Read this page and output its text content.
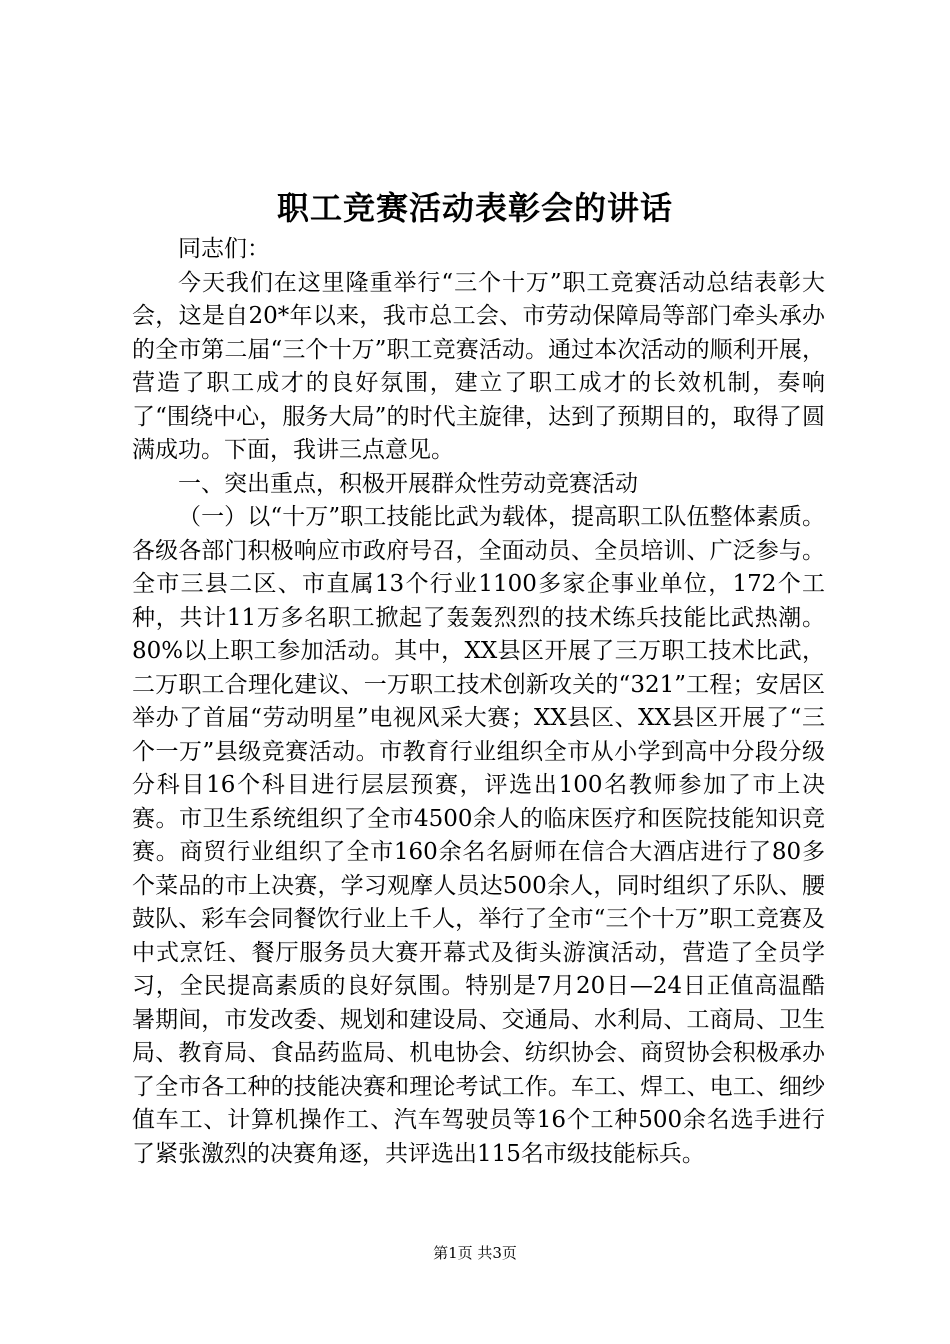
职工竞赛活动表彰会的讲话

同志们：

今天我们在这里隆重举行“三个十万”职工竞赛活动总结表彰大会，这是自20*年以来，我市总工会、市劳动保障局等部门牵头承办的全市第二届“三个十万”职工竞赛活动。通过本次活动的顺利开展，营造了职工成才的良好氛围，建立了职工成才的长效机制，奏响了“围绕中心，服务大局”的时代主旋律，达到了预期目的，取得了圆满成功。下面，我讲三点意见。

一、突出重点，积极开展群众性劳动竞赛活动

（一）以“十万”职工技能比武为载体，提高职工队伍整体素质。各级各部门积极响应市政府号召，全面动员、全员培训、广泛参与。全市三县二区、市直属13个行业1100多家企事业单位，172个工种，共计11万多名职工掀起了轰轰烈烈的技术练兵技能比武热潮。80%以上职工参加活动。其中，XX县区开展了三万职工技术比武，二万职工合理化建议、一万职工技术创新攻关的“321”工程；安居区举办了首届“劳动明星”电视风采大赛；XX县区、XX县区开展了“三个一万”县级竞赛活动。市教育行业组织全市从小学到高中分段分级分科目16个科目进行层层预赛，评选出100名教师参加了市上决赛。市卫生系统组织了全市4500余人的临床医疗和医院技能知识竞赛。商贸行业组织了全市160余名名厨师在信合大酒店进行了80多个菜品的市上决赛，学习观摩人员达500余人，同时组织了乐队、腰鼓队、彩车会同餐饮行业上千人，举行了全市“三个十万”职工竞赛及中式烹饪、餐厅服务员大赛开幕式及街头游演活动，营造了全员学习，全民提高素质的良好氛围。特别是7月20日—24日正值高温酷暑期间，市发改委、规划和建设局、交通局、水利局、工商局、卫生局、教育局、食品药监局、机电协会、纺织协会、商贸协会积极承办了全市各工种的技能决赛和理论考试工作。车工、焊工、电工、细纱值车工、计算机操作工、汽车驾驶员等16个工种500余名选手进行了紧张激烈的决赛角逐，共评选出115名市级技能标兵。

第1页 共3页
